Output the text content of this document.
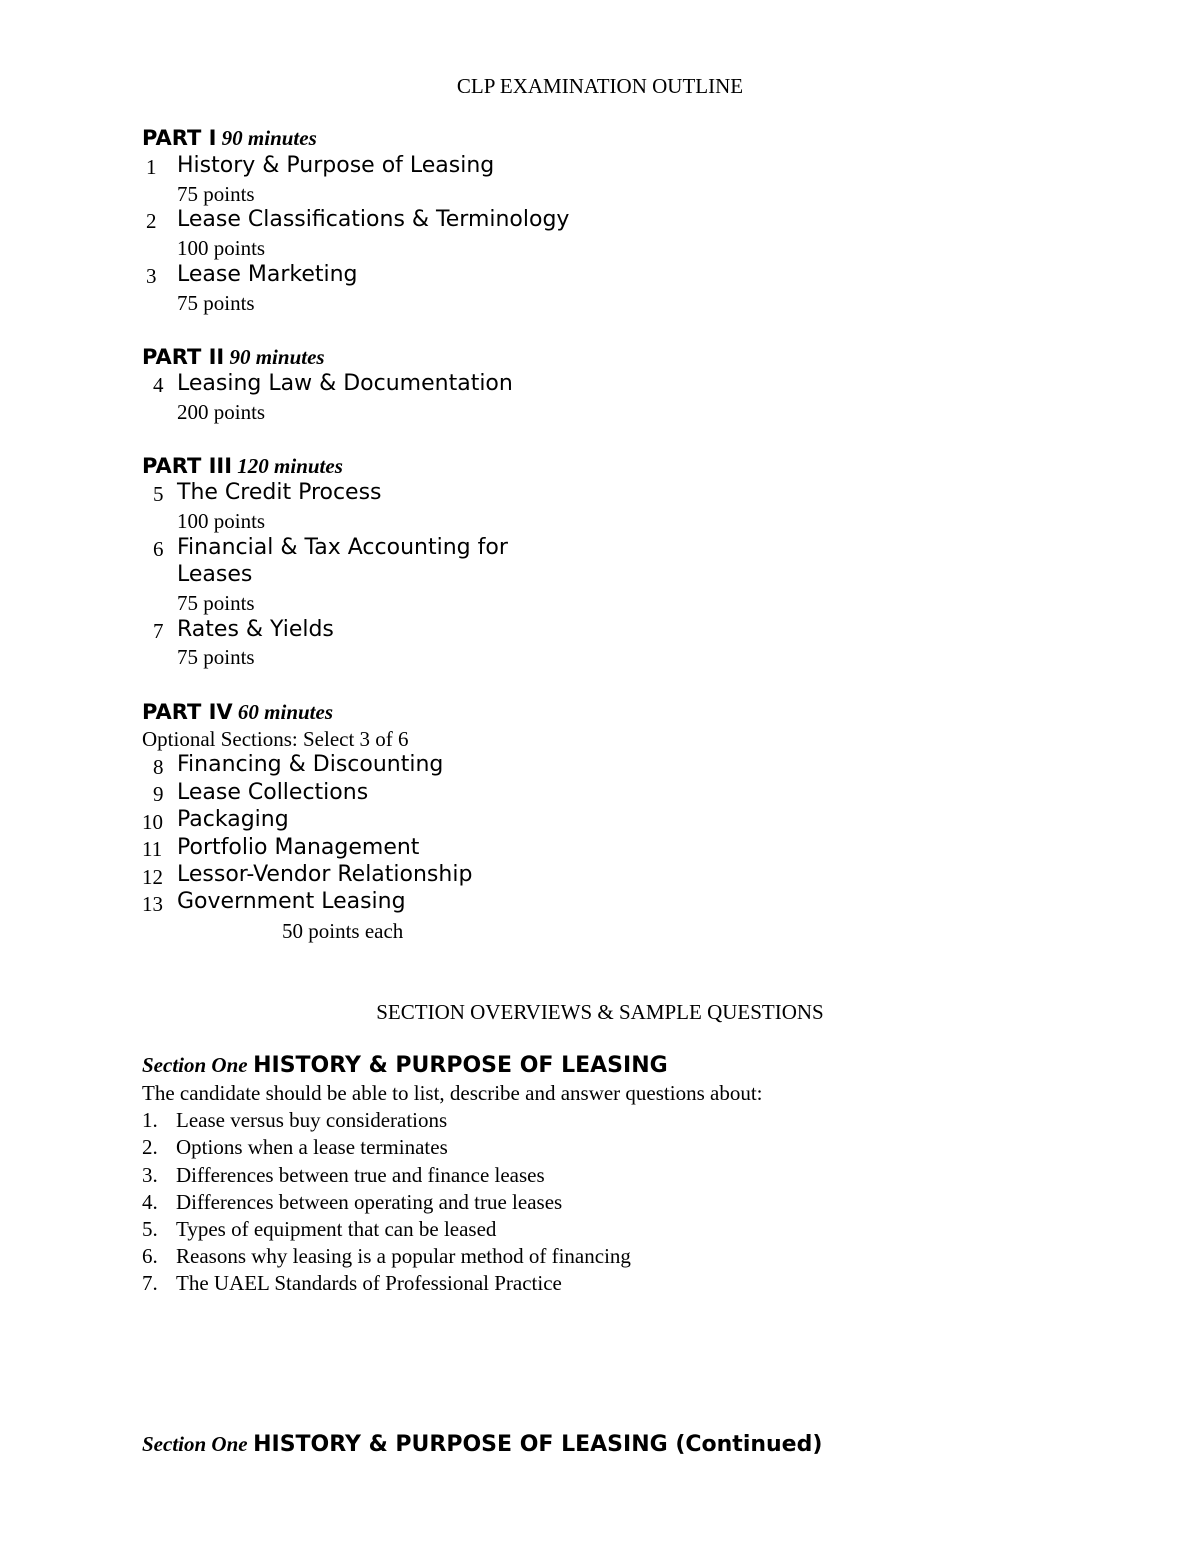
CLP EXAMINATION OUTLINE
PART I 90 minutes
1 History & Purpose of Leasing
75 points
2 Lease Classifications & Terminology
100 points
3 Lease Marketing
75 points
PART II 90 minutes
4 Leasing Law & Documentation
200 points
PART III 120 minutes
5 The Credit Process
100 points
6 Financial & Tax Accounting for
Leases
75 points
7 Rates & Yields
75 points
PART IV 60 minutes
Optional Sections: Select 3 of 6
8 Financing & Discounting
9 Lease Collections
10 Packaging
11 Portfolio Management
12 Lessor-Vendor Relationship
13 Government Leasing
50 points each
SECTION OVERVIEWS & SAMPLE QUESTIONS
Section One HISTORY & PURPOSE OF LEASING
The candidate should be able to list, describe and answer questions about:
1. Lease versus buy considerations
2. Options when a lease terminates
3. Differences between true and finance leases
4. Differences between operating and true leases
5. Types of equipment that can be leased
6. Reasons why leasing is a popular method of financing
7. The UAEL Standards of Professional Practice
Section One HISTORY & PURPOSE OF LEASING (Continued)
